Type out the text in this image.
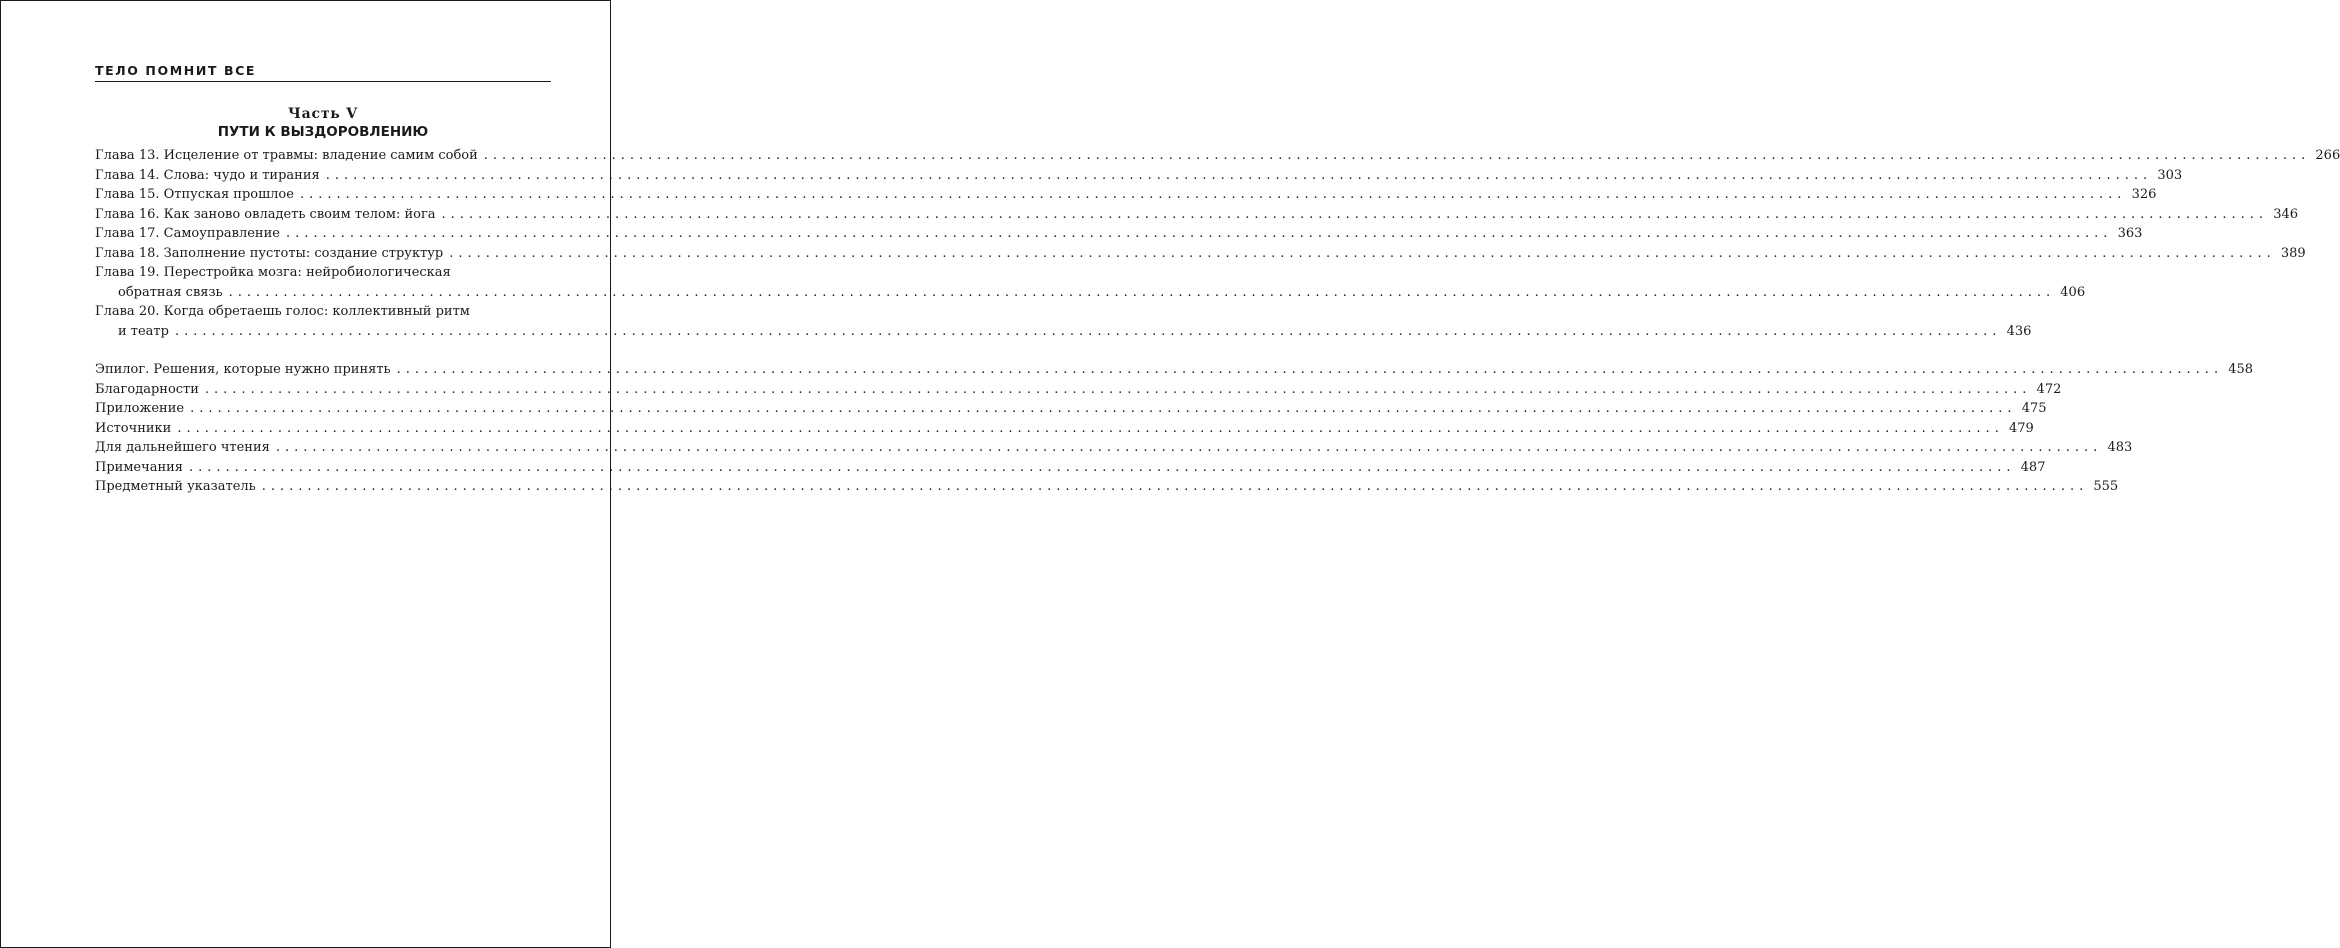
ТЕЛО ПОМНИТ ВСЕ
Часть V
ПУТИ К ВЫЗДОРОВЛЕНИЮ
Глава 13. Исцеление от травмы: владение самим собой ........................................................................................................................................................................................................ 266
Глава 14. Слова: чудо и тирания ........................................................................................................................................................................................................ 303
Глава 15. Отпуская прошлое ........................................................................................................................................................................................................ 326
Глава 16. Как заново овладеть своим телом: йога ........................................................................................................................................................................................................ 346
Глава 17. Самоуправление ........................................................................................................................................................................................................ 363
Глава 18. Заполнение пустоты: создание структур ........................................................................................................................................................................................................ 389
Глава 19. Перестройка мозга: нейробиологическая
обратная связь ........................................................................................................................................................................................................ 406
Глава 20. Когда обретаешь голос: коллективный ритм
и театр ........................................................................................................................................................................................................ 436
Эпилог. Решения, которые нужно принять ........................................................................................................................................................................................................ 458
Благодарности ........................................................................................................................................................................................................ 472
Приложение ........................................................................................................................................................................................................ 475
Источники ........................................................................................................................................................................................................ 479
Для дальнейшего чтения ........................................................................................................................................................................................................ 483
Примечания ........................................................................................................................................................................................................ 487
Предметный указатель ........................................................................................................................................................................................................ 555
